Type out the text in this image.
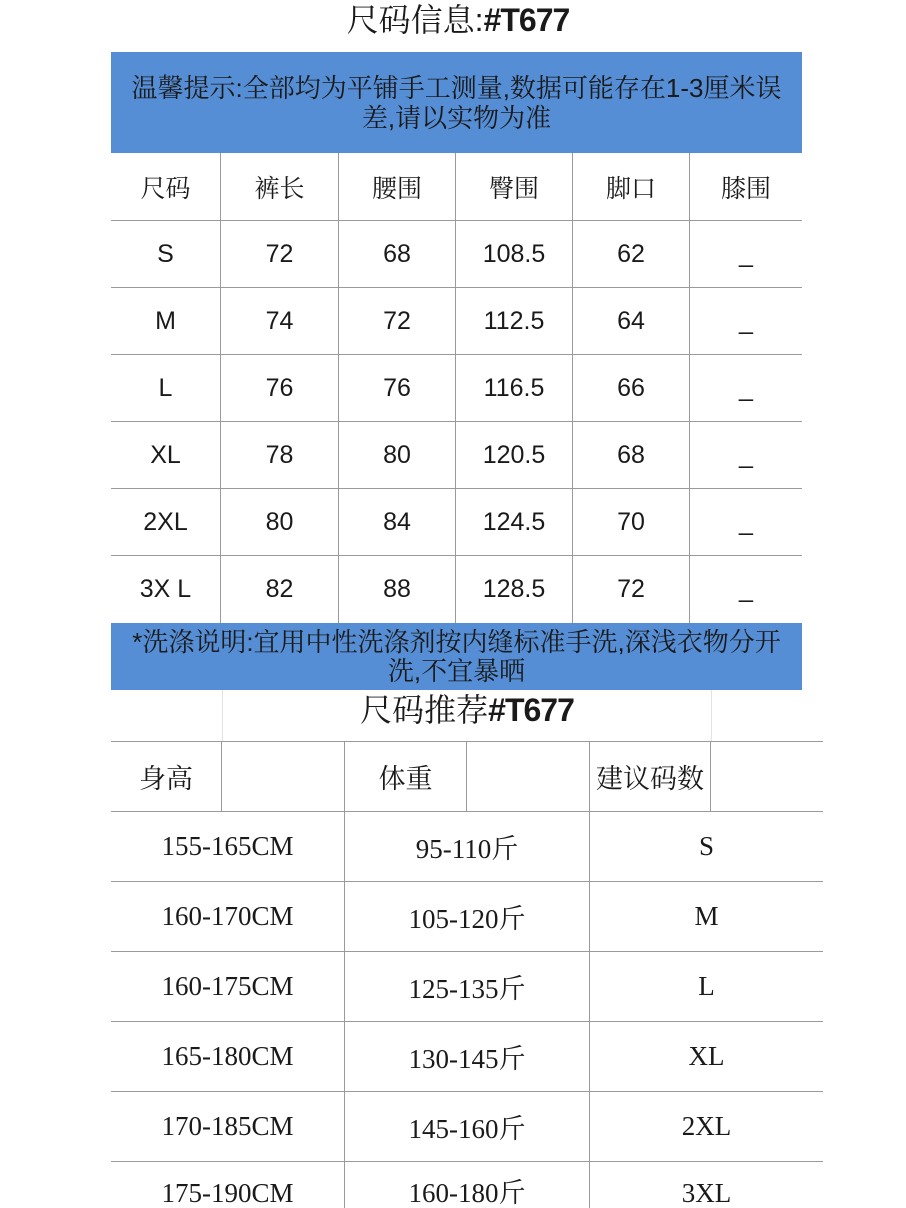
尺码信息:#T677
温馨提示:全部均为平铺手工测量,数据可能存在1-3厘米误
差,请以实物为准
尺码	裤长	腰围	臀围	脚口	膝围
S	72	68	108.5	62	_
M	74	72	112.5	64	_
L	76	76	116.5	66	_
XL	78	80	120.5	68	_
2XL	80	84	124.5	70	_
3X L	82	88	128.5	72	_
*洗涤说明:宜用中性洗涤剂按内缝标准手洗,深浅衣物分开
洗,不宜暴晒
尺码推荐#T677
身高	体重	建议码数
155-165CM	95-110斤	S
160-170CM	105-120斤	M
160-175CM	125-135斤	L
165-180CM	130-145斤	XL
170-185CM	145-160斤	2XL
175-190CM	160-180斤	3XL
